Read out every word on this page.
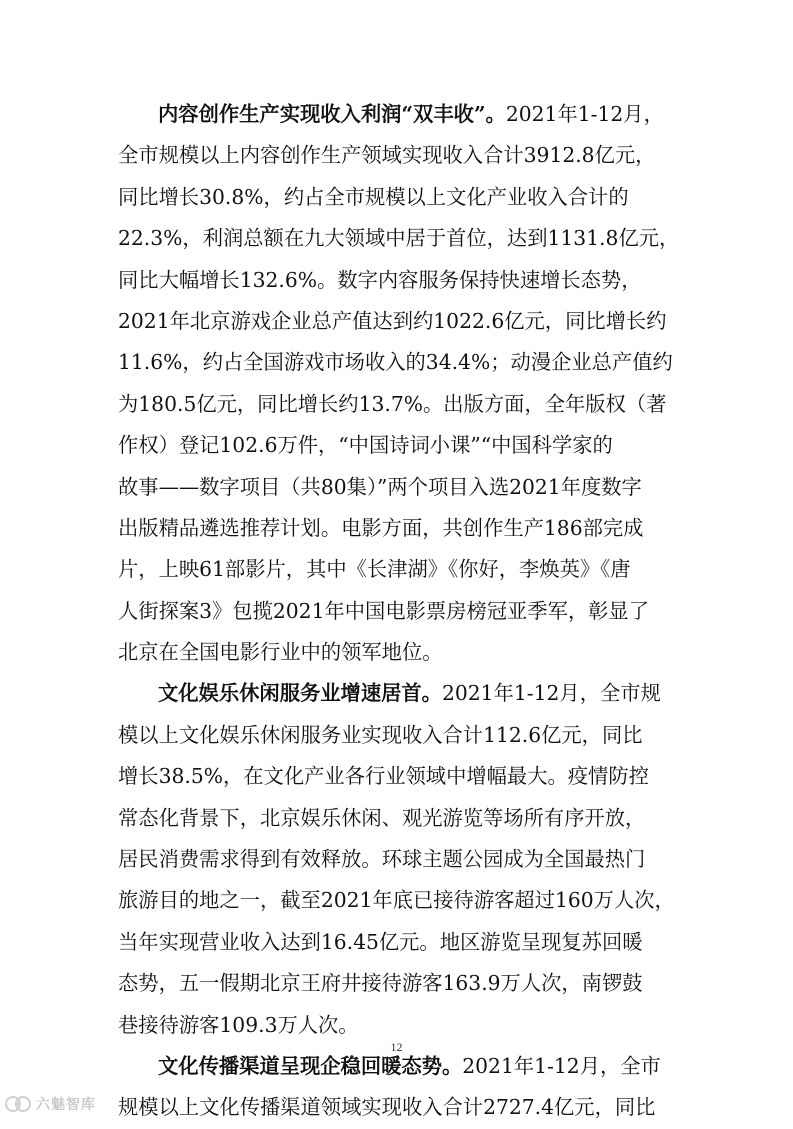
内容创作生产实现收入利润“双丰收”。2021年1-12月，
全市规模以上内容创作生产领域实现收入合计3912.8亿元，
同比增长30.8%，约占全市规模以上文化产业收入合计的
22.3%，利润总额在九大领域中居于首位，达到1131.8亿元，
同比大幅增长132.6%。数字内容服务保持快速增长态势，
2021年北京游戏企业总产值达到约1022.6亿元，同比增长约
11.6%，约占全国游戏市场收入的34.4%；动漫企业总产值约
为180.5亿元，同比增长约13.7%。出版方面，全年版权（著
作权）登记102.6万件，“中国诗词小课”“中国科学家的
故事——数字项目（共80集）”两个项目入选2021年度数字
出版精品遴选推荐计划。电影方面，共创作生产186部完成
片，上映61部影片，其中《长津湖》《你好，李焕英》《唐
人街探案3》包揽2021年中国电影票房榜冠亚季军，彰显了
北京在全国电影行业中的领军地位。
文化娱乐休闲服务业增速居首。2021年1-12月，全市规
模以上文化娱乐休闲服务业实现收入合计112.6亿元，同比
增长38.5%，在文化产业各行业领域中增幅最大。疫情防控
常态化背景下，北京娱乐休闲、观光游览等场所有序开放，
居民消费需求得到有效释放。环球主题公园成为全国最热门
旅游目的地之一，截至2021年底已接待游客超过160万人次，
当年实现营业收入达到16.45亿元。地区游览呈现复苏回暖
态势，五一假期北京王府井接待游客163.9万人次，南锣鼓
巷接待游客109.3万人次。
文化传播渠道呈现企稳回暖态势。2021年1-12月，全市
规模以上文化传播渠道领域实现收入合计2727.4亿元，同比
12
六魅智库
